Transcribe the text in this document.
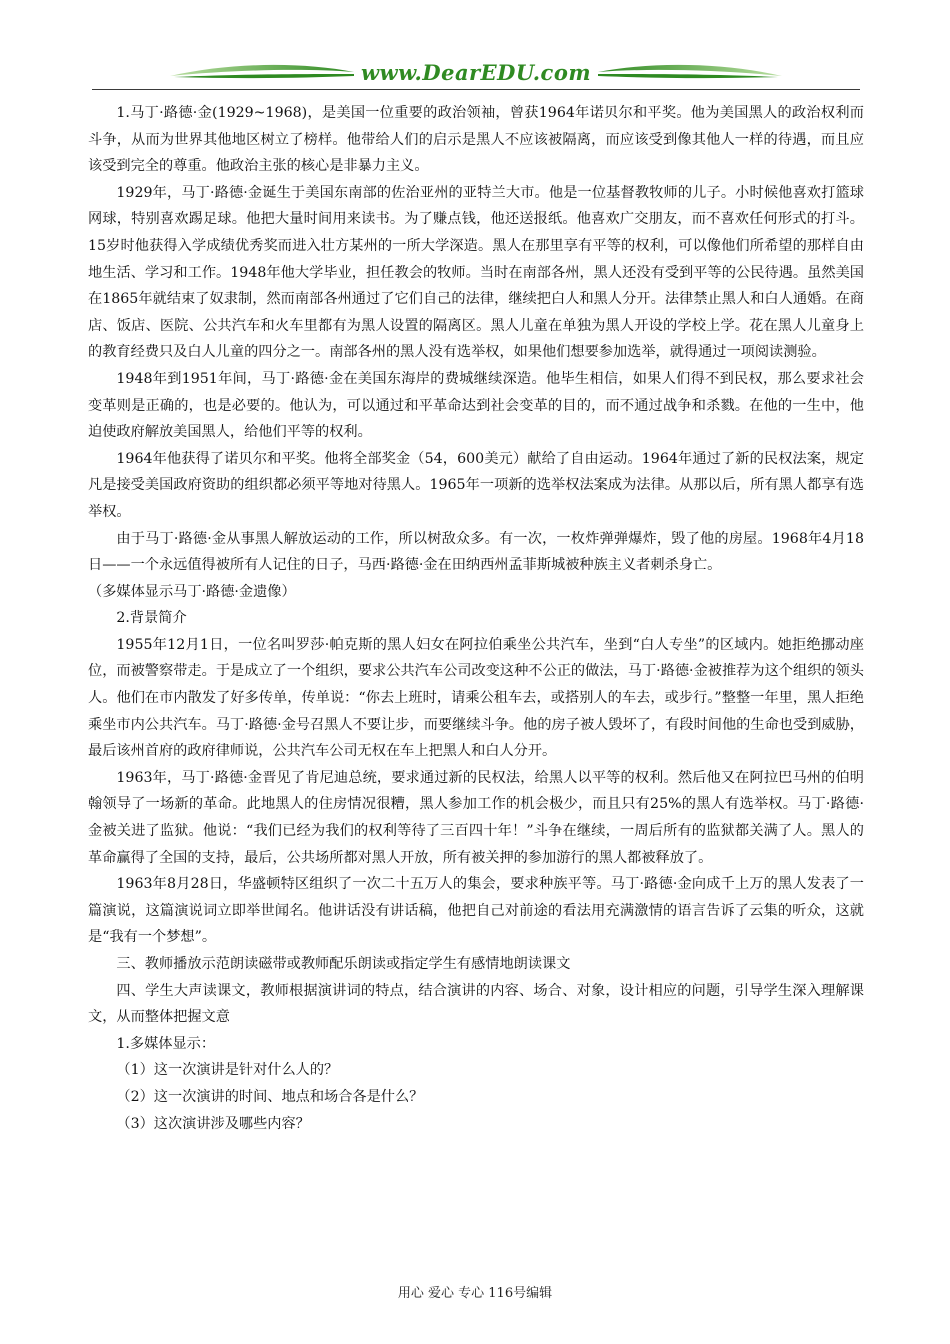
www.DearEDU.com

1.马丁·路德·金(1929~1968)，是美国一位重要的政治领袖，曾获1964年诺贝尔和平奖。他为美国黑人的政治权利而斗争，从而为世界其他地区树立了榜样。他带给人们的启示是黑人不应该被隔离，而应该受到像其他人一样的待遇，而且应该受到完全的尊重。他政治主张的核心是非暴力主义。

1929年，马丁·路德·金诞生于美国东南部的佐治亚州的亚特兰大市。他是一位基督教牧师的儿子。小时候他喜欢打篮球网球，特别喜欢踢足球。他把大量时间用来读书。为了赚点钱，他还送报纸。他喜欢广交朋友，而不喜欢任何形式的打斗。15岁时他获得入学成绩优秀奖而进入壮方某州的一所大学深造。黑人在那里享有平等的权利，可以像他们所希望的那样自由地生活、学习和工作。1948年他大学毕业，担任教会的牧师。当时在南部各州，黑人还没有受到平等的公民待遇。虽然美国在1865年就结束了奴隶制，然而南部各州通过了它们自己的法律，继续把白人和黑人分开。法律禁止黑人和白人通婚。在商店、饭店、医院、公共汽车和火车里都有为黑人设置的隔离区。黑人儿童在单独为黑人开设的学校上学。花在黑人儿童身上的教育经费只及白人儿童的四分之一。南部各州的黑人没有选举权，如果他们想要参加选举，就得通过一项阅读测验。

1948年到1951年间，马丁·路德·金在美国东海岸的费城继续深造。他毕生相信，如果人们得不到民权，那么要求社会变革则是正确的，也是必要的。他认为，可以通过和平革命达到社会变革的目的，而不通过战争和杀戮。在他的一生中，他迫使政府解放美国黑人，给他们平等的权利。

1964年他获得了诺贝尔和平奖。他将全部奖金（54，600美元）献给了自由运动。1964年通过了新的民权法案，规定凡是接受美国政府资助的组织都必须平等地对待黑人。1965年一项新的选举权法案成为法律。从那以后，所有黑人都享有选举权。

由于马丁·路德·金从事黑人解放运动的工作，所以树敌众多。有一次，一枚炸弹弹爆炸，毁了他的房屋。1968年4月18日——一个永远值得被所有人记住的日子，马西·路德·金在田纳西州孟菲斯城被种族主义者刺杀身亡。

（多媒体显示马丁·路德·金遗像）

2.背景简介

1955年12月1日，一位名叫罗莎·帕克斯的黑人妇女在阿拉伯乘坐公共汽车，坐到“白人专坐”的区域内。她拒绝挪动座位，而被警察带走。于是成立了一个组织，要求公共汽车公司改变这种不公正的做法，马丁·路德·金被推荐为这个组织的领头人。他们在市内散发了好多传单，传单说：“你去上班时，请乘公租车去，或搭别人的车去，或步行。”整整一年里，黑人拒绝乘坐市内公共汽车。马丁·路德·金号召黑人不要让步，而要继续斗争。他的房子被人毁坏了，有段时间他的生命也受到威胁，最后该州首府的政府律师说，公共汽车公司无权在车上把黑人和白人分开。

1963年，马丁·路德·金晋见了肯尼迪总统，要求通过新的民权法，给黑人以平等的权利。然后他又在阿拉巴马州的伯明翰领导了一场新的革命。此地黑人的住房情况很糟，黑人参加工作的机会极少，而且只有25%的黑人有选举权。马丁·路德·金被关进了监狱。他说：“我们已经为我们的权利等待了三百四十年！”斗争在继续，一周后所有的监狱都关满了人。黑人的革命赢得了全国的支持，最后，公共场所都对黑人开放，所有被关押的参加游行的黑人都被释放了。

1963年8月28日，华盛顿特区组织了一次二十五万人的集会，要求种族平等。马丁·路德·金向成千上万的黑人发表了一篇演说，这篇演说词立即举世闻名。他讲话没有讲话稿，他把自己对前途的看法用充满激情的语言告诉了云集的听众，这就是“我有一个梦想”。

三、教师播放示范朗读磁带或教师配乐朗读或指定学生有感情地朗读课文

四、学生大声读课文，教师根据演讲词的特点，结合演讲的内容、场合、对象，设计相应的问题，引导学生深入理解课文，从而整体把握文意

1.多媒体显示：

（1）这一次演讲是针对什么人的？

（2）这一次演讲的时间、地点和场合各是什么？

（3）这次演讲涉及哪些内容？

用心 爱心 专心 116号编辑
